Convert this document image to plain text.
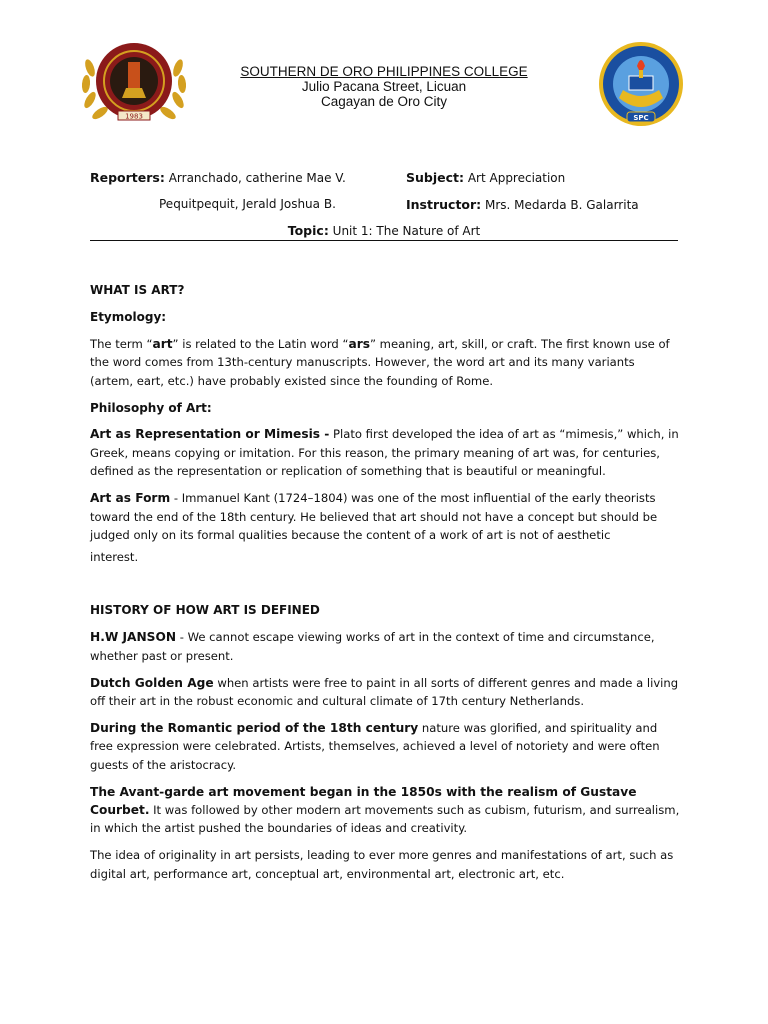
1983
SOUTHERN DE ORO PHILIPPINES COLLEGE
Julio Pacana Street, Licuan
Cagayan de Oro City
SPC
Reporters: Arranchado, catherine Mae V.
Pequitpequit, Jerald Joshua B.
Subject: Art Appreciation
Instructor: Mrs. Medarda B. Galarrita
Topic: Unit 1: The Nature of Art

WHAT IS ART?

Etymology:

The term “art” is related to the Latin word “ars” meaning, art, skill, or craft. The first known use of the word comes from 13th-century manuscripts. However, the word art and its many variants (artem, eart, etc.) have probably existed since the founding of Rome.

Philosophy of Art:

Art as Representation or Mimesis - Plato first developed the idea of art as “mimesis,” which, in Greek, means copying or imitation. For this reason, the primary meaning of art was, for centuries, defined as the representation or replication of something that is beautiful or meaningful.

Art as Form - Immanuel Kant (1724–1804) was one of the most influential of the early theorists toward the end of the 18th century. He believed that art should not have a concept but should be judged only on its formal qualities because the content of a work of art is not of aesthetic

interest.

HISTORY OF HOW ART IS DEFINED

H.W JANSON - We cannot escape viewing works of art in the context of time and circumstance, whether past or present.

Dutch Golden Age when artists were free to paint in all sorts of different genres and made a living off their art in the robust economic and cultural climate of 17th century Netherlands.

During the Romantic period of the 18th century nature was glorified, and spirituality and free expression were celebrated. Artists, themselves, achieved a level of notoriety and were often guests of the aristocracy.

The Avant-garde art movement began in the 1850s with the realism of Gustave Courbet. It was followed by other modern art movements such as cubism, futurism, and surrealism, in which the artist pushed the boundaries of ideas and creativity.

The idea of originality in art persists, leading to ever more genres and manifestations of art, such as digital art, performance art, conceptual art, environmental art, electronic art, etc.
